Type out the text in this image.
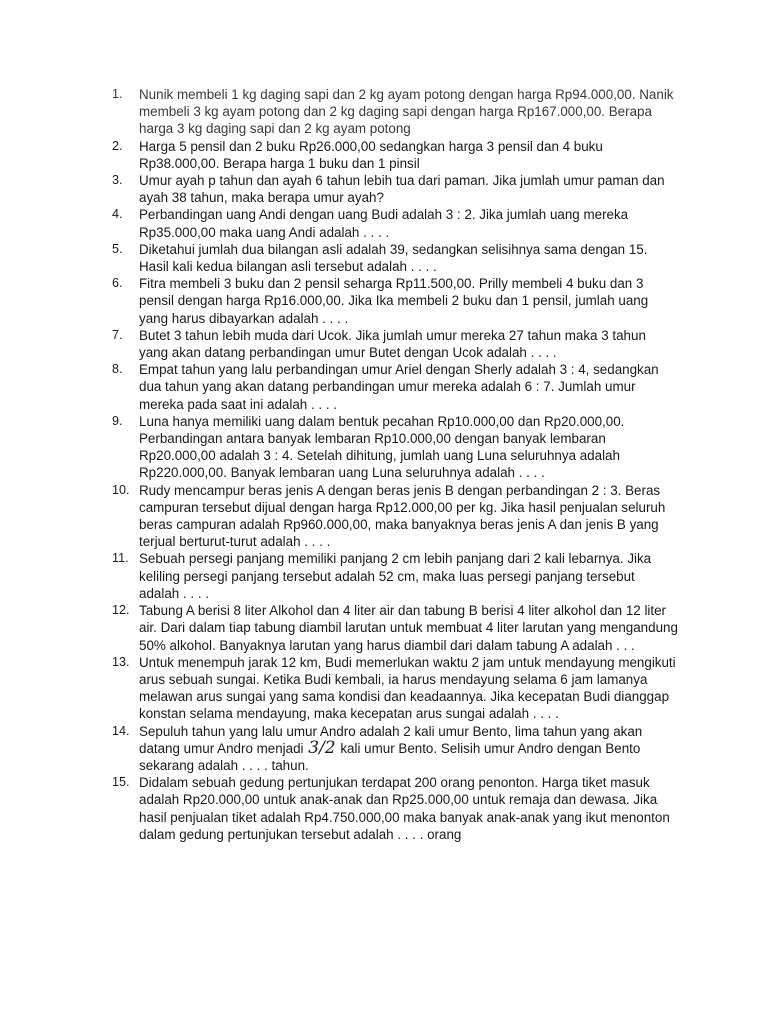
1.	Nunik membeli 1 kg daging sapi dan 2 kg ayam potong dengan harga Rp94.000,00. Nanik membeli 3 kg ayam potong dan 2 kg daging sapi dengan harga Rp167.000,00. Berapa harga 3 kg daging sapi dan 2 kg ayam potong
2.	Harga 5 pensil dan 2 buku Rp26.000,00 sedangkan harga 3 pensil dan 4 buku Rp38.000,00. Berapa harga 1 buku dan 1 pinsil
3.	Umur ayah p tahun dan ayah 6 tahun lebih tua dari paman. Jika jumlah umur paman dan ayah 38 tahun, maka berapa umur ayah?
4.	Perbandingan uang Andi dengan uang Budi adalah 3 : 2. Jika jumlah uang mereka Rp35.000,00 maka uang Andi adalah . . . .
5.	Diketahui jumlah dua bilangan asli adalah 39, sedangkan selisihnya sama dengan 15. Hasil kali kedua bilangan asli tersebut adalah . . . .
6.	Fitra membeli 3 buku dan 2 pensil seharga Rp11.500,00. Prilly membeli 4 buku dan 3 pensil dengan harga Rp16.000,00. Jika Ika membeli 2 buku dan 1 pensil, jumlah uang yang harus dibayarkan adalah . . . .
7.	Butet 3 tahun lebih muda dari Ucok. Jika jumlah umur mereka 27 tahun maka 3 tahun yang akan datang perbandingan umur Butet dengan Ucok adalah . . . .
8.	Empat tahun yang lalu perbandingan umur Ariel dengan Sherly adalah 3 : 4, sedangkan dua tahun yang akan datang perbandingan umur mereka adalah 6 : 7. Jumlah umur mereka pada saat ini adalah . . . .
9.	Luna hanya memiliki uang dalam bentuk pecahan Rp10.000,00 dan Rp20.000,00. Perbandingan antara banyak lembaran Rp10.000,00 dengan banyak lembaran Rp20.000,00 adalah 3 : 4. Setelah dihitung, jumlah uang Luna seluruhnya adalah Rp220.000,00. Banyak lembaran uang Luna seluruhnya adalah . . . .
10. Rudy mencampur beras jenis A dengan beras jenis B dengan perbandingan 2 : 3. Beras campuran tersebut dijual dengan harga Rp12.000,00 per kg. Jika hasil penjualan seluruh beras campuran adalah Rp960.000,00, maka banyaknya beras jenis A dan jenis B yang terjual berturut-turut adalah . . . .
11. Sebuah persegi panjang memiliki panjang 2 cm lebih panjang dari 2 kali lebarnya. Jika keliling persegi panjang tersebut adalah 52 cm, maka luas persegi panjang tersebut adalah . . . .
12. Tabung A berisi 8 liter Alkohol dan 4 liter air dan tabung B berisi 4 liter alkohol dan 12 liter air. Dari dalam tiap tabung diambil larutan untuk membuat 4 liter larutan yang mengandung 50% alkohol. Banyaknya larutan yang harus diambil dari dalam tabung A adalah . . .
13. Untuk menempuh jarak 12 km, Budi memerlukan waktu 2 jam untuk mendayung mengikuti arus sebuah sungai. Ketika Budi kembali, ia harus mendayung selama 6 jam lamanya melawan arus sungai yang sama kondisi dan keadaannya. Jika kecepatan Budi dianggap konstan selama mendayung, maka kecepatan arus sungai adalah . . . .
14. Sepuluh tahun yang lalu umur Andro adalah 2 kali umur Bento, lima tahun yang akan datang umur Andro menjadi 3/2 kali umur Bento. Selisih umur Andro dengan Bento sekarang adalah . . . . tahun.
15. Didalam sebuah gedung pertunjukan terdapat 200 orang penonton. Harga tiket masuk adalah Rp20.000,00 untuk anak-anak dan Rp25.000,00 untuk remaja dan dewasa. Jika hasil penjualan tiket adalah Rp4.750.000,00 maka banyak anak-anak yang ikut menonton dalam gedung pertunjukan tersebut adalah . . . . orang
